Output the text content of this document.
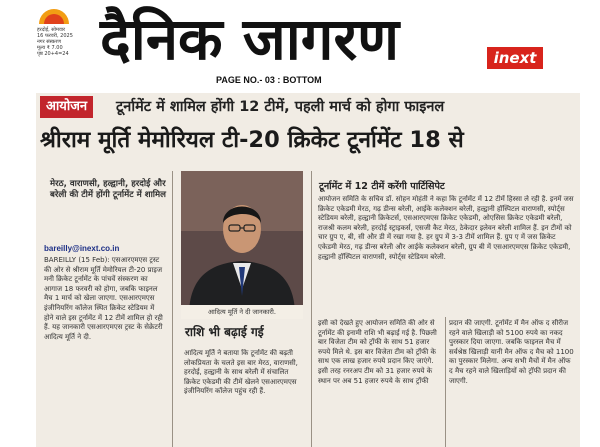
हरदोई, सोमवार
16 फरवरी, 2025
नगर संस्करण
मूल्य ₹ 7.00
पृष्ठ 20+4=24 दैनिक जागरण	inext
PAGE NO.- 03 : BOTTOM
आयोजन	टूर्नामेंट में शामिल होंगी 12 टीमें, पहली मार्च को होगा फाइनल
श्रीराम मूर्ति मेमोरियल टी-20 क्रिकेट टूर्नामेंट 18 से
मेरठ, वाराणसी, हल्द्वानी, हरदोई और बरेली की टीमें होंगी टूर्नामेंट में शामिल
bareilly@inext.co.in
BAREILLY (15 Feb): एसआरएमएस ट्रस्ट की ओर से श्रीराम मूर्ति मेमोरियल टी-20 प्राइज मनी क्रिकेट टूर्नामेंट के पांचवें संस्करण का आगाज 18 फरवरी को होगा, जबकि फाइनल मैच 1 मार्च को खेला जाएगा. एसआरएमएस इंजीनियरिंग कॉलेज स्थित क्रिकेट स्टेडियम में होने वाले इस टूर्नामेंट में 12 टीमें शामिल हो रही हैं. यह जानकारी एसआरएमएस ट्रस्ट के सेक्रेटरी आदित्य मूर्ति ने दी.
आदित्य मूर्ति ने दी जानकारी.
राशि भी बढ़ाई गई
आदित्य मूर्ति ने बताया कि टूर्नामेंट की बढ़ती लोकप्रियता के चलते इस बार मेरठ, वाराणसी, हरदोई, हल्द्वानी के साथ बरेली में संचालित क्रिकेट एकेडमी की टीमें खेलने एसआरएमएस इंजीनियरिंग कॉलेज पहुंच रही हैं.
टूर्नामेंट में 12 टीमें करेंगी पार्टिसिपेट
आयोजन समिति के सचिव डॉ. सोहन मोहंती ने कहा कि टूर्नामेंट में 12 टीमें हिस्सा ले रही है. इनमें जस क्रिकेट एकेडमी मेरठ, गढ़ डीन्स बरेली, आईके कलेक्शन बरेली, हल्द्वानी हॉस्पिटल वाराणसी, स्पोर्ट्स स्टेडियम बरेली, हल्द्वानी क्रिकेटर्स, एसआरएमएस क्रिकेट एकेडमी, ओएसिस क्रिकेट एकेडमी बरेली, राजश्री कलम बरेली, हरदोई स्ट्राइकर्स, एसजी कैट मेरठ, ठेकेदार इलेवन बरेली शामिल हैं. इन टीमों को चार ग्रुप ए, बी, सी और डी में रखा गया है. हर ग्रुप में 3-3 टीमें शामिल हैं. ग्रुप ए में जस क्रिकेट एकेडमी मेरठ, गढ़ डीन्स बरेली और आईके कलेक्शन बरेली, ग्रुप बी में एसआरएमएस क्रिकेट एकेडमी, हल्द्वानी हॉस्पिटल वाराणसी, स्पोर्ट्स स्टेडियम बरेली.
इसी को देखते हुए आयोजन समिति की ओर से टूर्नामेंट की इनामी राशि भी बढ़ाई गई है. पिछली बार विजेता टीम को ट्रॉफी के साथ 51 हजार रुपये मिले थे. इस बार विजेता टीम को ट्रॉफी के साथ एक लाख हजार रुपये प्रदान किए जाएंगे. इसी तरह रनरअप टीम को 31 हजार रुपये के स्थान पर अब 51 हजार रुपये के साथ ट्रॉफी
प्रदान की जाएगी. टूर्नामेंट में मैन ऑफ द सीरीज रहने वाले खिलाड़ी को 5100 रुपये का नकद पुरस्कार दिया जाएगा. जबकि फाइनल मैच में सर्वश्रेष्ठ खिलाड़ी यानी मैन ऑफ द मैच को 1100 का पुरस्कार मिलेगा. अन्य सभी मैचों में मैन ऑफ द मैच रहने वाले खिलाड़ियों को ट्रॉफी प्रदान की जाएगी.
